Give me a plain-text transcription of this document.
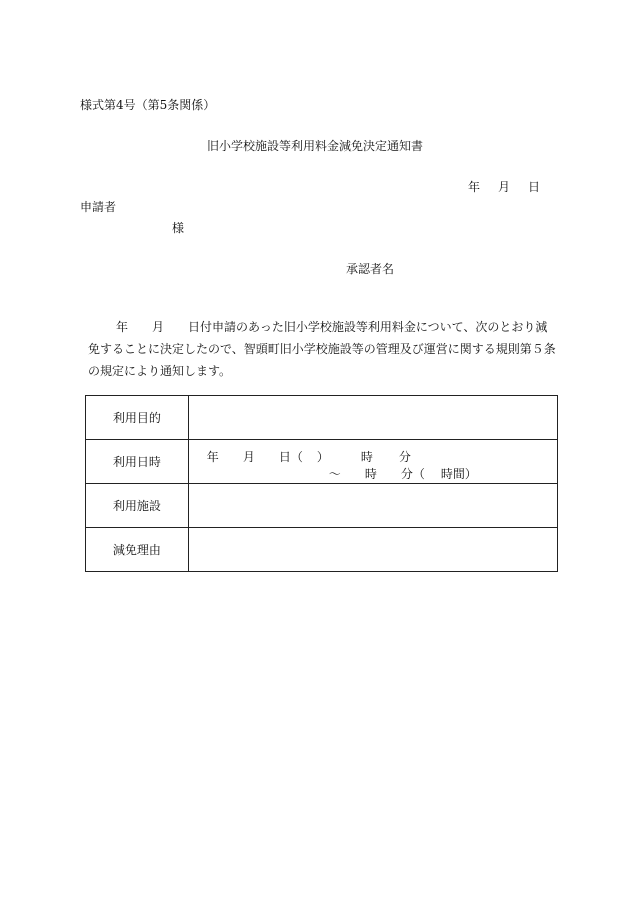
様式第4号（第5条関係）
旧小学校施設等利用料金減免決定通知書
年 月 日
申請者
様
承認者名
年 月 日付申請のあった旧小学校施設等利用料金について、次のとおり減免することに決定したので、智頭町旧小学校施設等の管理及び運営に関する規則第５条の規定により通知します。
利用目的	
利用日時	年 月 日（ ） 時 分
～ 時 分（ 時間）

利用施設	
減免理由	
